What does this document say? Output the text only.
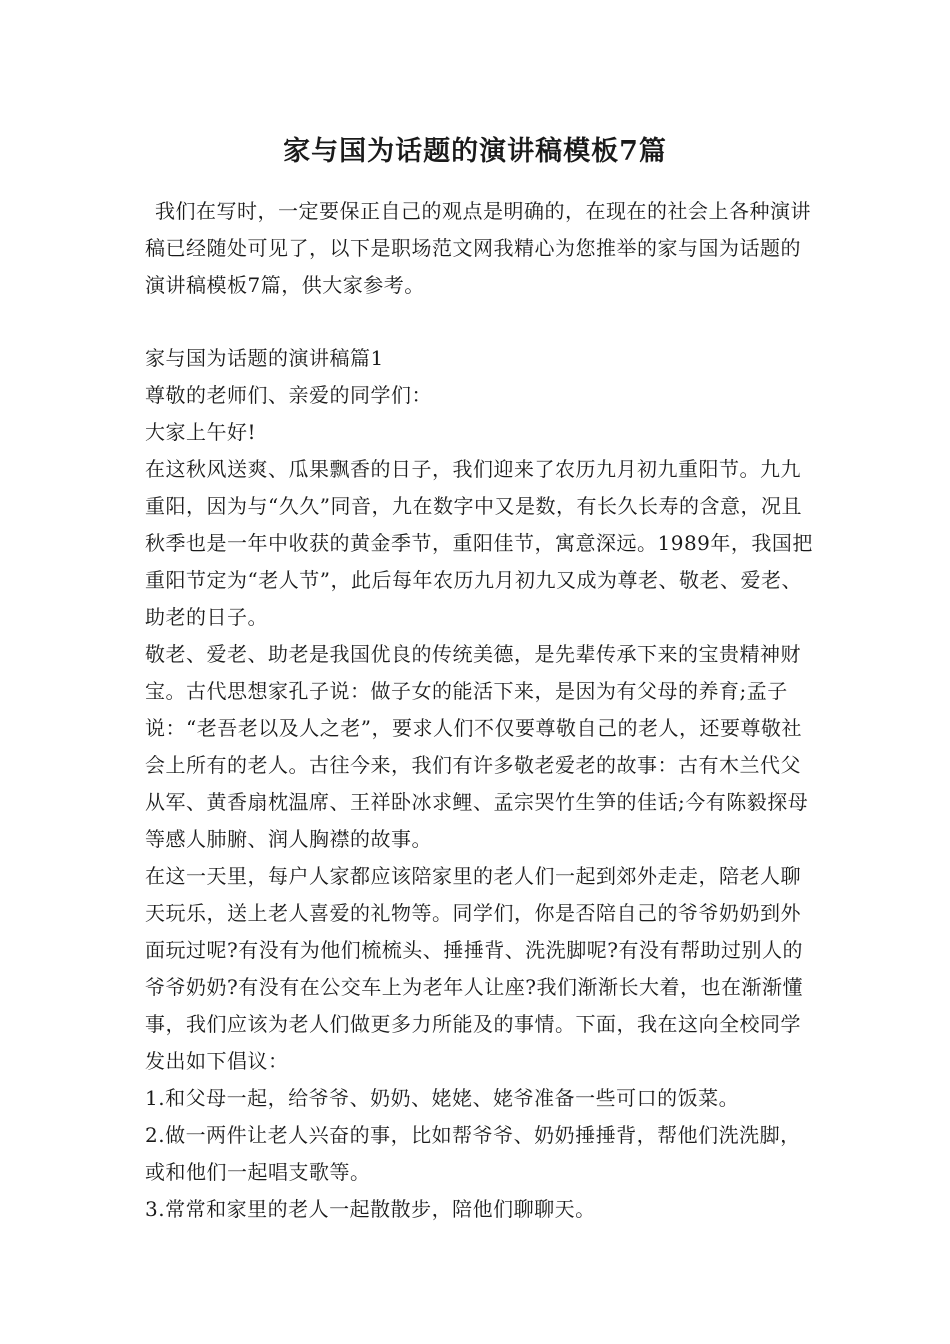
家与国为话题的演讲稿模板7篇

我们在写时，一定要保正自己的观点是明确的，在现在的社会上各种演讲稿已经随处可见了，以下是职场范文网我精心为您推举的家与国为话题的演讲稿模板7篇，供大家参考。

家与国为话题的演讲稿篇1

尊敬的老师们、亲爱的同学们：

大家上午好!

在这秋风送爽、瓜果飘香的日子，我们迎来了农历九月初九重阳节。九九重阳，因为与“久久”同音，九在数字中又是数，有长久长寿的含意，况且秋季也是一年中收获的黄金季节，重阳佳节，寓意深远。1989年，我国把重阳节定为“老人节”，此后每年农历九月初九又成为尊老、敬老、爱老、助老的日子。

敬老、爱老、助老是我国优良的传统美德，是先辈传承下来的宝贵精神财宝。古代思想家孔子说：做子女的能活下来，是因为有父母的养育;孟子说：“老吾老以及人之老”，要求人们不仅要尊敬自己的老人，还要尊敬社会上所有的老人。古往今来，我们有许多敬老爱老的故事：古有木兰代父从军、黄香扇枕温席、王祥卧冰求鲤、孟宗哭竹生笋的佳话;今有陈毅探母等感人肺腑、润人胸襟的故事。

在这一天里，每户人家都应该陪家里的老人们一起到郊外走走，陪老人聊天玩乐，送上老人喜爱的礼物等。同学们，你是否陪自己的爷爷奶奶到外面玩过呢?有没有为他们梳梳头、捶捶背、洗洗脚呢?有没有帮助过别人的爷爷奶奶?有没有在公交车上为老年人让座?我们渐渐长大着，也在渐渐懂事，我们应该为老人们做更多力所能及的事情。下面，我在这向全校同学发出如下倡议：

1.和父母一起，给爷爷、奶奶、姥姥、姥爷准备一些可口的饭菜。

2.做一两件让老人兴奋的事，比如帮爷爷、奶奶捶捶背，帮他们洗洗脚，或和他们一起唱支歌等。

3.常常和家里的老人一起散散步，陪他们聊聊天。
